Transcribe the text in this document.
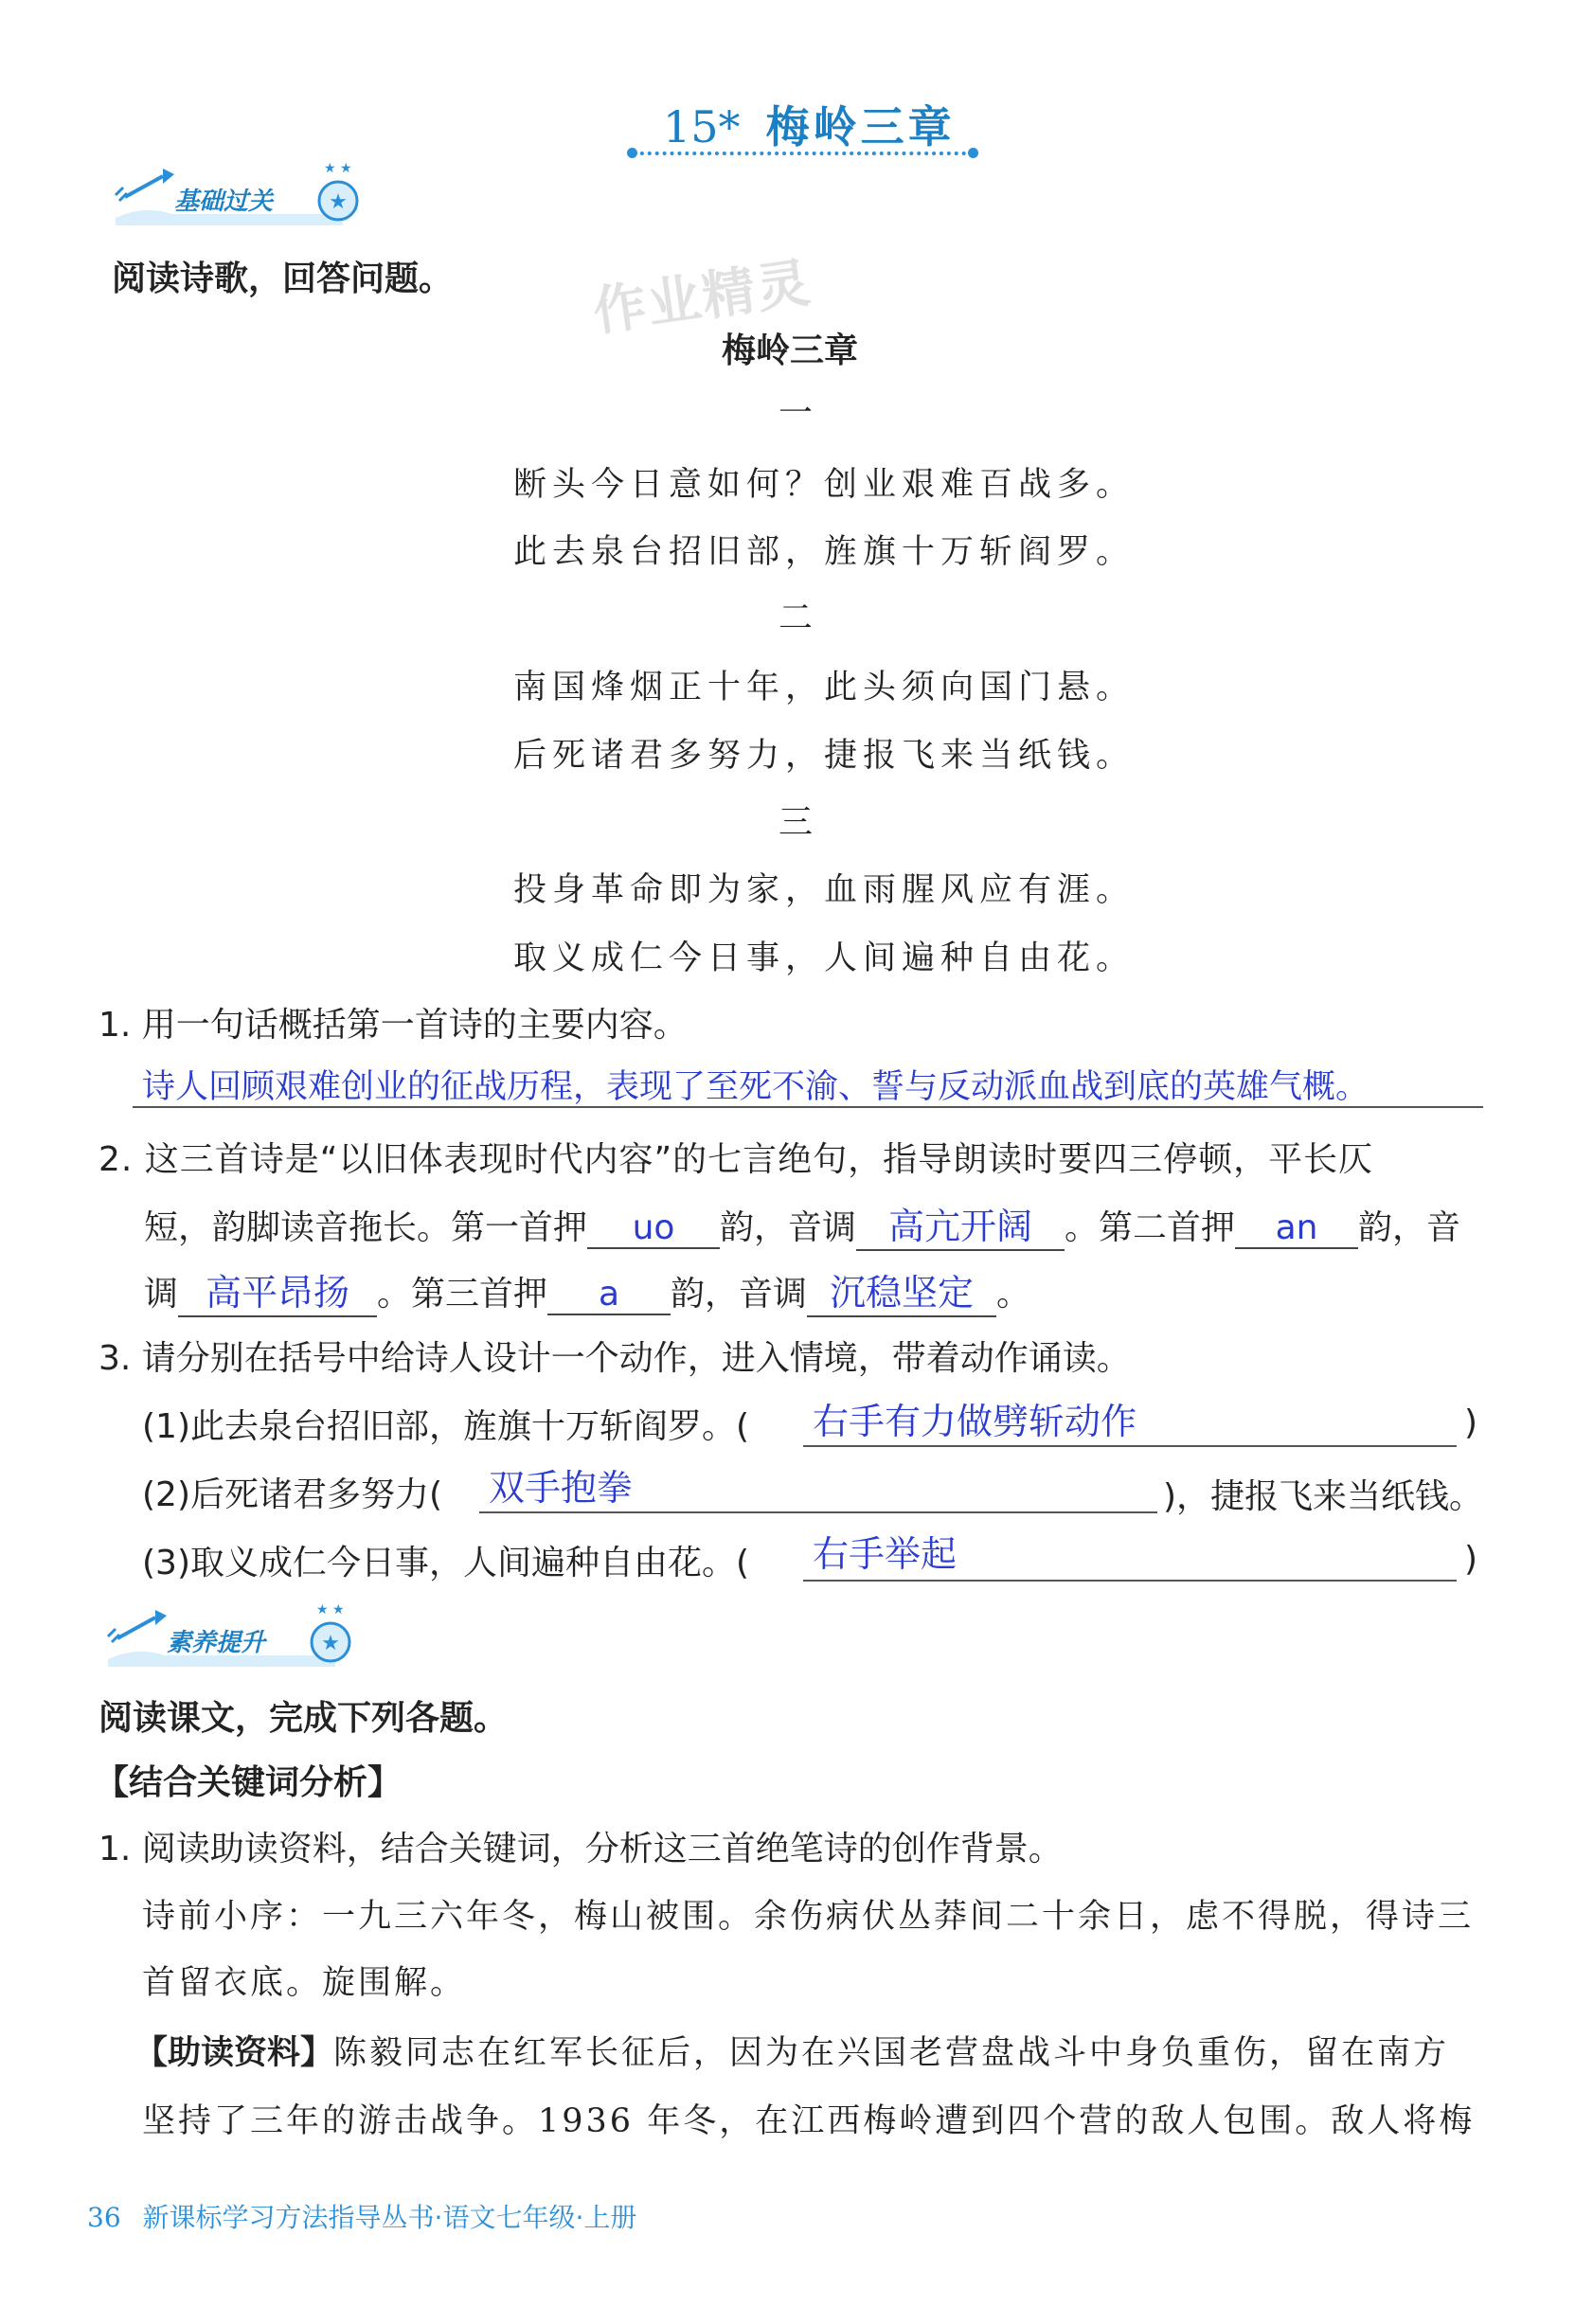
15* 梅岭三章
★
★ ★
基础过关
作业精灵
阅读诗歌，回答问题。
梅岭三章
一
断头今日意如何？创业艰难百战多。
此去泉台招旧部，旌旗十万斩阎罗。
二
南国烽烟正十年，此头须向国门悬。
后死诸君多努力，捷报飞来当纸钱。
三
投身革命即为家，血雨腥风应有涯。
取义成仁今日事，人间遍种自由花。
1. 用一句话概括第一首诗的主要内容。
诗人回顾艰难创业的征战历程，表现了至死不渝、誓与反动派血战到底的英雄气概。
2. 这三首诗是“以旧体表现时代内容”的七言绝句，指导朗读时要四三停顿，平长仄
短，韵脚读音拖长。第一首押 uo 韵，音调 高亢开阔 。第二首押 an 韵，音
调 高平昂扬 。第三首押 a 韵，音调 沉稳坚定 。
3. 请分别在括号中给诗人设计一个动作，进入情境，带着动作诵读。
(1)此去泉台招旧部，旌旗十万斩阎罗。( 右手有力做劈斩动作	)
(2)后死诸君多努力( 双手抱拳	)，捷报飞来当纸钱。
(3)取义成仁今日事，人间遍种自由花。( 右手举起	)
★
★ ★
素养提升
阅读课文，完成下列各题。
【结合关键词分析】
1. 阅读助读资料，结合关键词，分析这三首绝笔诗的创作背景。
诗前小序：一九三六年冬，梅山被围。余伤病伏丛莽间二十余日，虑不得脱，得诗三
首留衣底。旋围解。
【助读资料】陈毅同志在红军长征后，因为在兴国老营盘战斗中身负重伤，留在南方
坚持了三年的游击战争。1936 年冬，在江西梅岭遭到四个营的敌人包围。敌人将梅
36 新课标学习方法指导丛书·语文七年级·上册
